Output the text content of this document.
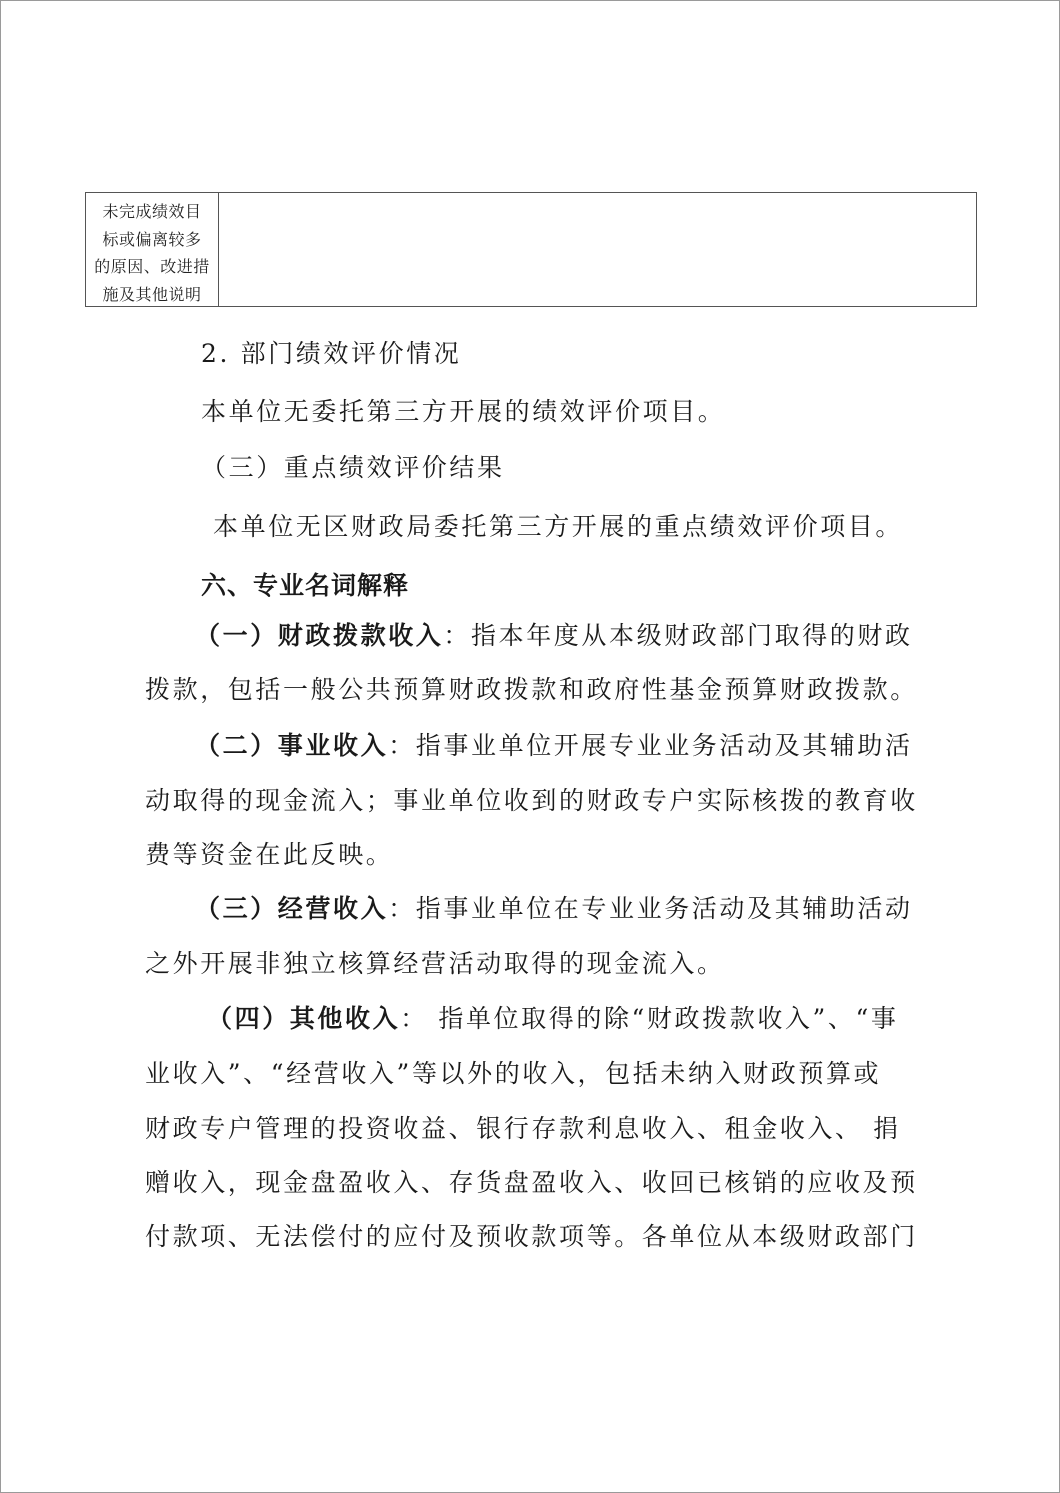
未完成绩效目
标或偏离较多
的原因、改进措
施及其他说明
2. 部门绩效评价情况
本单位无委托第三方开展的绩效评价项目。
（三）重点绩效评价结果
本单位无区财政局委托第三方开展的重点绩效评价项目。
六、专业名词解释
（一）财政拨款收入：指本年度从本级财政部门取得的财政
拨款，包括一般公共预算财政拨款和政府性基金预算财政拨款。
（二）事业收入：指事业单位开展专业业务活动及其辅助活
动取得的现金流入；事业单位收到的财政专户实际核拨的教育收
费等资金在此反映。
（三）经营收入：指事业单位在专业业务活动及其辅助活动
之外开展非独立核算经营活动取得的现金流入。
（四）其他收入： 指单位取得的除“财政拨款收入”、“事
业收入”、“经营收入”等以外的收入，包括未纳入财政预算或
财政专户管理的投资收益、银行存款利息收入、租金收入、 捐
赠收入，现金盘盈收入、存货盘盈收入、收回已核销的应收及预
付款项、无法偿付的应付及预收款项等。各单位从本级财政部门
